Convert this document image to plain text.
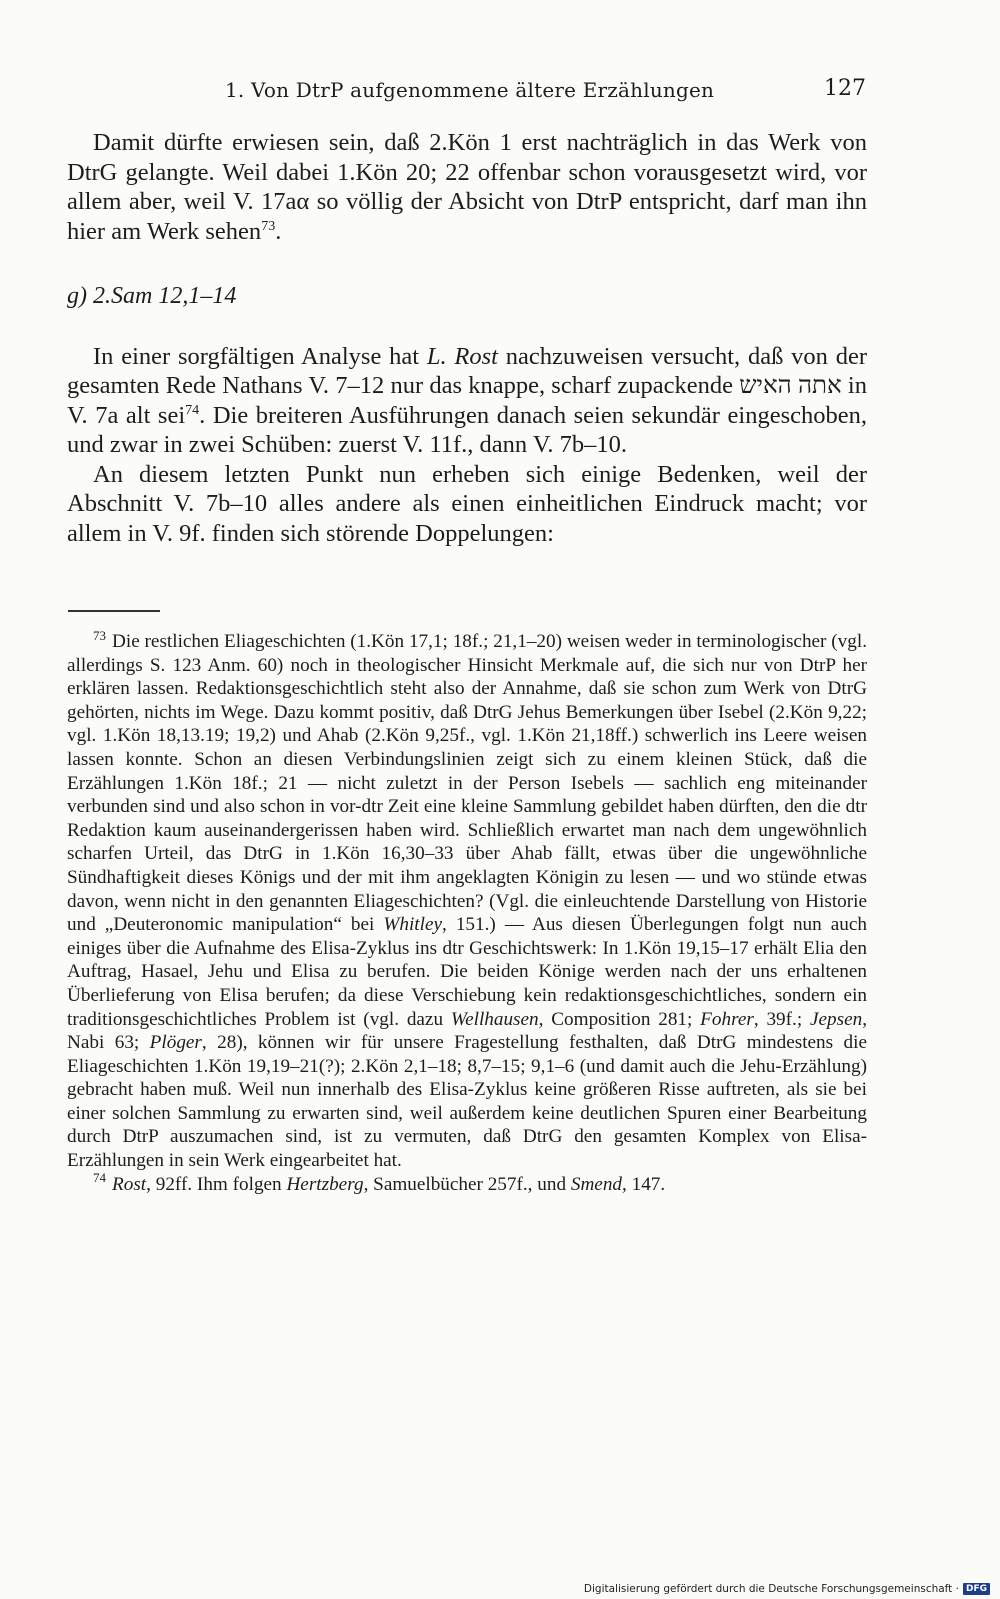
1. Von DtrP aufgenommene ältere Erzählungen	127

Damit dürfte erwiesen sein, daß 2.Kön 1 erst nachträglich in das Werk von DtrG gelangte. Weil dabei 1.Kön 20; 22 offenbar schon vorausgesetzt wird, vor allem aber, weil V. 17aα so völlig der Absicht von DtrP entspricht, darf man ihn hier am Werk sehen$^{73}$.

g) 2.Sam 12,1–14

In einer sorgfältigen Analyse hat L. Rost nachzuweisen versucht, daß von der gesamten Rede Nathans V. 7–12 nur das knappe, scharf zupackende אתה האיש in V. 7a alt sei$^{74}$. Die breiteren Ausführungen danach seien sekundär eingeschoben, und zwar in zwei Schüben: zuerst V. 11f., dann V. 7b–10.

An diesem letzten Punkt nun erheben sich einige Bedenken, weil der Abschnitt V. 7b–10 alles andere als einen einheitlichen Eindruck macht; vor allem in V. 9f. finden sich störende Doppelungen:

$^{73}$ Die restlichen Eliageschichten (1.Kön 17,1; 18f.; 21,1–20) weisen weder in terminologischer (vgl. allerdings S. 123 Anm. 60) noch in theologischer Hinsicht Merkmale auf, die sich nur von DtrP her erklären lassen. Redaktionsgeschichtlich steht also der Annahme, daß sie schon zum Werk von DtrG gehörten, nichts im Wege. Dazu kommt positiv, daß DtrG Jehus Bemerkungen über Isebel (2.Kön 9,22; vgl. 1.Kön 18,13.19; 19,2) und Ahab (2.Kön 9,25f., vgl. 1.Kön 21,18ff.) schwerlich ins Leere weisen lassen konnte. Schon an diesen Verbindungslinien zeigt sich zu einem kleinen Stück, daß die Erzählungen 1.Kön 18f.; 21 — nicht zuletzt in der Person Isebels — sachlich eng miteinander verbunden sind und also schon in vor-dtr Zeit eine kleine Sammlung gebildet haben dürften, den die dtr Redaktion kaum auseinandergerissen haben wird. Schließlich erwartet man nach dem ungewöhnlich scharfen Urteil, das DtrG in 1.Kön 16,30–33 über Ahab fällt, etwas über die ungewöhnliche Sündhaftigkeit dieses Königs und der mit ihm angeklagten Königin zu lesen — und wo stünde etwas davon, wenn nicht in den genannten Eliageschichten? (Vgl. die einleuchtende Darstellung von Historie und „Deuteronomic manipulation“ bei Whitley, 151.) — Aus diesen Überlegungen folgt nun auch einiges über die Aufnahme des Elisa-Zyklus ins dtr Geschichtswerk: In 1.Kön 19,15–17 erhält Elia den Auftrag, Hasael, Jehu und Elisa zu berufen. Die beiden Könige werden nach der uns erhaltenen Überlieferung von Elisa berufen; da diese Verschiebung kein redaktionsgeschichtliches, sondern ein traditionsgeschichtliches Problem ist (vgl. dazu Wellhausen, Composition 281; Fohrer, 39f.; Jepsen, Nabi 63; Plöger, 28), können wir für unsere Fragestellung festhalten, daß DtrG mindestens die Eliageschichten 1.Kön 19,19–21(?); 2.Kön 2,1–18; 8,7–15; 9,1–6 (und damit auch die Jehu-Erzählung) gebracht haben muß. Weil nun innerhalb des Elisa-Zyklus keine größeren Risse auftreten, als sie bei einer solchen Sammlung zu erwarten sind, weil außerdem keine deutlichen Spuren einer Bearbeitung durch DtrP auszumachen sind, ist zu vermuten, daß DtrG den gesamten Komplex von Elisa-Erzählungen in sein Werk eingearbeitet hat.

$^{74}$ Rost, 92ff. Ihm folgen Hertzberg, Samuelbücher 257f., und Smend, 147.

Digitalisierung gefördert durch die Deutsche Forschungsgemeinschaft · DFG
